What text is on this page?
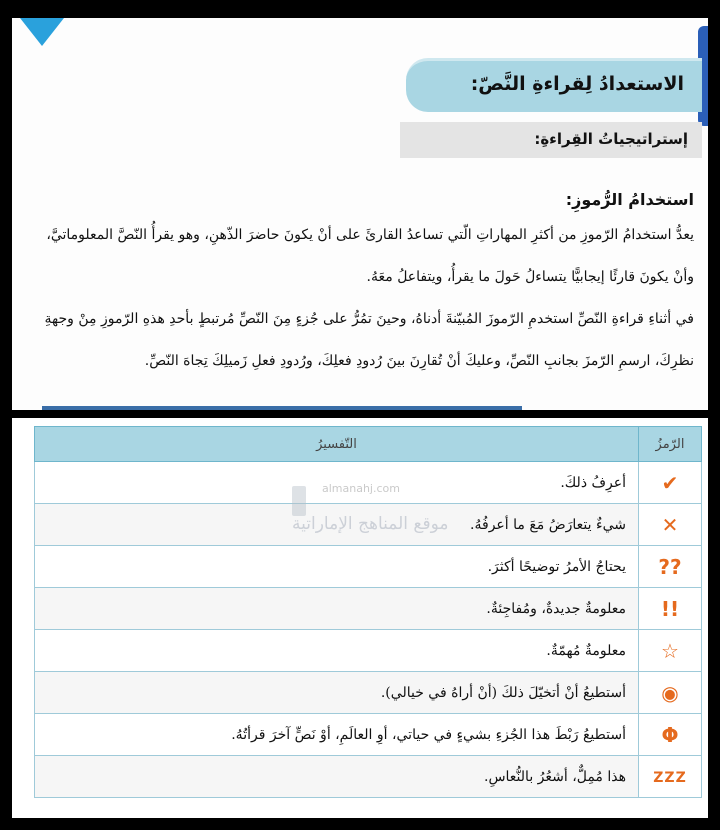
الاستعدادُ لِقراءةِ النَّصّ:
إستراتيجياتُ القِراءةِ:
استخدامُ الرُّموزِ:

يعدُّ استخدامُ الرّموزِ من أكثرِ المهاراتِ الّتي تساعدُ القارئَ على أنْ يكونَ حاضرَ الذّهنِ، وهو يقرأُ النّصَّ المعلوماتيَّ، وأنْ يكونَ قارئًا إيجابيًّا يتساءلُ حَولَ ما يقرأُ، ويتفاعلُ معَهُ.

في أثناءِ قراءةِ النّصِّ استخدمِ الرّموزَ المُبيّنةَ أدناهُ، وحينَ تمُرُّ على جُزءٍ مِنَ النّصِّ مُرتبطٍ بأحدِ هذهِ الرّموزِ مِنْ وجهةِ نظرِكَ، ارسمِ الرّمزَ بجانبِ النّصِّ، وعليكَ أنْ تُقارِنَ بينَ رُدودِ فعلِكَ، ورُدودِ فعلِ زَميلِكَ تِجاهَ النّصِّ.

الرّمزُ	التّفسيرُ
✔	أعرِفُ ذلكَ.
✕	شيءٌ يتعارَضُ مَعَ ما أعرفُهُ.
??	يحتاجُ الأمرُ توضيحًا أكثرَ.
!!	معلومةٌ جديدةٌ، ومُفاجِئةٌ.
☆	معلومةٌ مُهمّةٌ.
◉	أستطيعُ أنْ أتخيّلَ ذلكَ (أنْ أراهُ في خيالي).
Φ	أستطيعُ رَبْطَ هذا الجُزءِ بشيءٍ في حياتي، أوِ العالَمِ، أوْ نَصٍّ آخرَ قرأتُهُ.
ZZZ	هذا مُمِلٌّ، أشعُرُ بالنُّعاسِ.
almanahj.com
موقع المناهج الإماراتية
